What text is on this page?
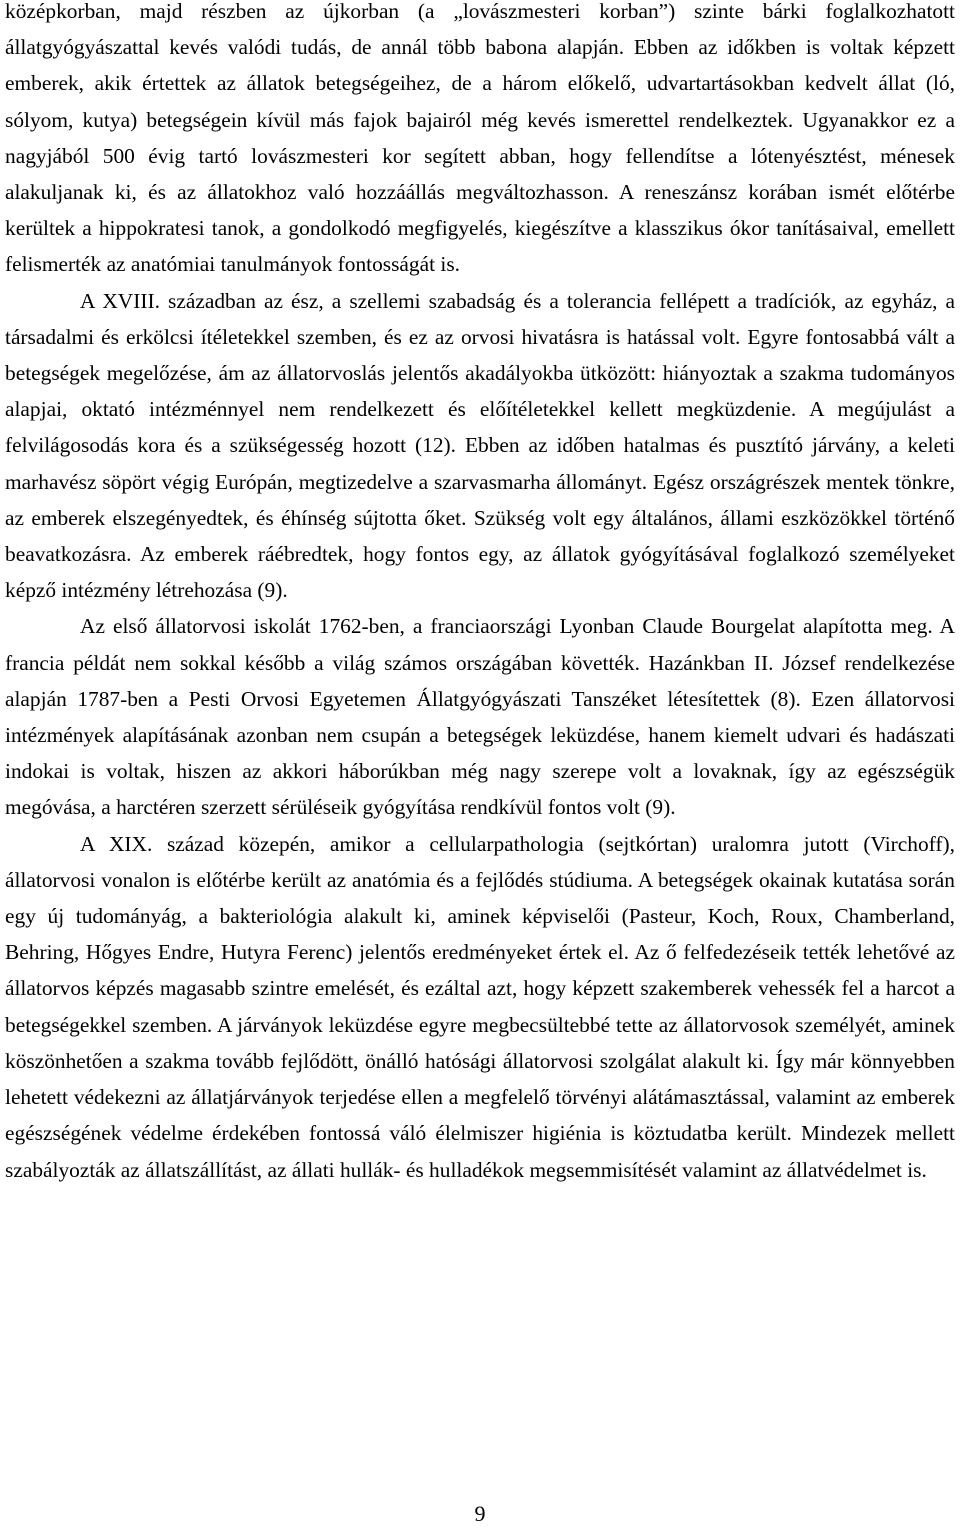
középkorban, majd részben az újkorban (a „lovászmesteri korban”) szinte bárki foglalkozhatott állatgyógyászattal kevés valódi tudás, de annál több babona alapján. Ebben az időkben is voltak képzett emberek, akik értettek az állatok betegségeihez, de a három előkelő, udvartartásokban kedvelt állat (ló, sólyom, kutya) betegségein kívül más fajok bajairól még kevés ismerettel rendelkeztek. Ugyanakkor ez a nagyjából 500 évig tartó lovászmesteri kor segített abban, hogy fellendítse a lótenyésztést, ménesek alakuljanak ki, és az állatokhoz való hozzáállás megváltozhasson. A reneszánsz korában ismét előtérbe kerültek a hippokratesi tanok, a gondolkodó megfigyelés, kiegészítve a klasszikus ókor tanításaival, emellett felismerték az anatómiai tanulmányok fontosságát is.

A XVIII. században az ész, a szellemi szabadság és a tolerancia fellépett a tradíciók, az egyház, a társadalmi és erkölcsi ítéletekkel szemben, és ez az orvosi hivatásra is hatással volt. Egyre fontosabbá vált a betegségek megelőzése, ám az állatorvoslás jelentős akadályokba ütközött: hiányoztak a szakma tudományos alapjai, oktató intézménnyel nem rendelkezett és előítéletekkel kellett megküzdenie. A megújulást a felvilágosodás kora és a szükségesség hozott (12). Ebben az időben hatalmas és pusztító járvány, a keleti marhavész söpört végig Európán, megtizedelve a szarvasmarha állományt. Egész országrészek mentek tönkre, az emberek elszegényedtek, és éhínség sújtotta őket. Szükség volt egy általános, állami eszközökkel történő beavatkozásra. Az emberek ráébredtek, hogy fontos egy, az állatok gyógyításával foglalkozó személyeket képző intézmény létrehozása (9).

Az első állatorvosi iskolát 1762-ben, a franciaországi Lyonban Claude Bourgelat alapította meg. A francia példát nem sokkal később a világ számos országában követték. Hazánkban II. József rendelkezése alapján 1787-ben a Pesti Orvosi Egyetemen Állatgyógyászati Tanszéket létesítettek (8). Ezen állatorvosi intézmények alapításának azonban nem csupán a betegségek leküzdése, hanem kiemelt udvari és hadászati indokai is voltak, hiszen az akkori háborúkban még nagy szerepe volt a lovaknak, így az egészségük megóvása, a harctéren szerzett sérüléseik gyógyítása rendkívül fontos volt (9).

A XIX. század közepén, amikor a cellularpathologia (sejtkórtan) uralomra jutott (Virchoff), állatorvosi vonalon is előtérbe került az anatómia és a fejlődés stúdiuma. A betegségek okainak kutatása során egy új tudományág, a bakteriológia alakult ki, aminek képviselői (Pasteur, Koch, Roux, Chamberland, Behring, Hőgyes Endre, Hutyra Ferenc) jelentős eredményeket értek el. Az ő felfedezéseik tették lehetővé az állatorvos képzés magasabb szintre emelését, és ezáltal azt, hogy képzett szakemberek vehessék fel a harcot a betegségekkel szemben. A járványok leküzdése egyre megbecsültebbé tette az állatorvosok személyét, aminek köszönhetően a szakma tovább fejlődött, önálló hatósági állatorvosi szolgálat alakult ki. Így már könnyebben lehetett védekezni az állatjárványok terjedése ellen a megfelelő törvényi alátámasztással, valamint az emberek egészségének védelme érdekében fontossá váló élelmiszer higiénia is köztudatba került. Mindezek mellett szabályozták az állatszállítást, az állati hullák- és hulladékok megsemmisítését valamint az állatvédelmet is.

9
